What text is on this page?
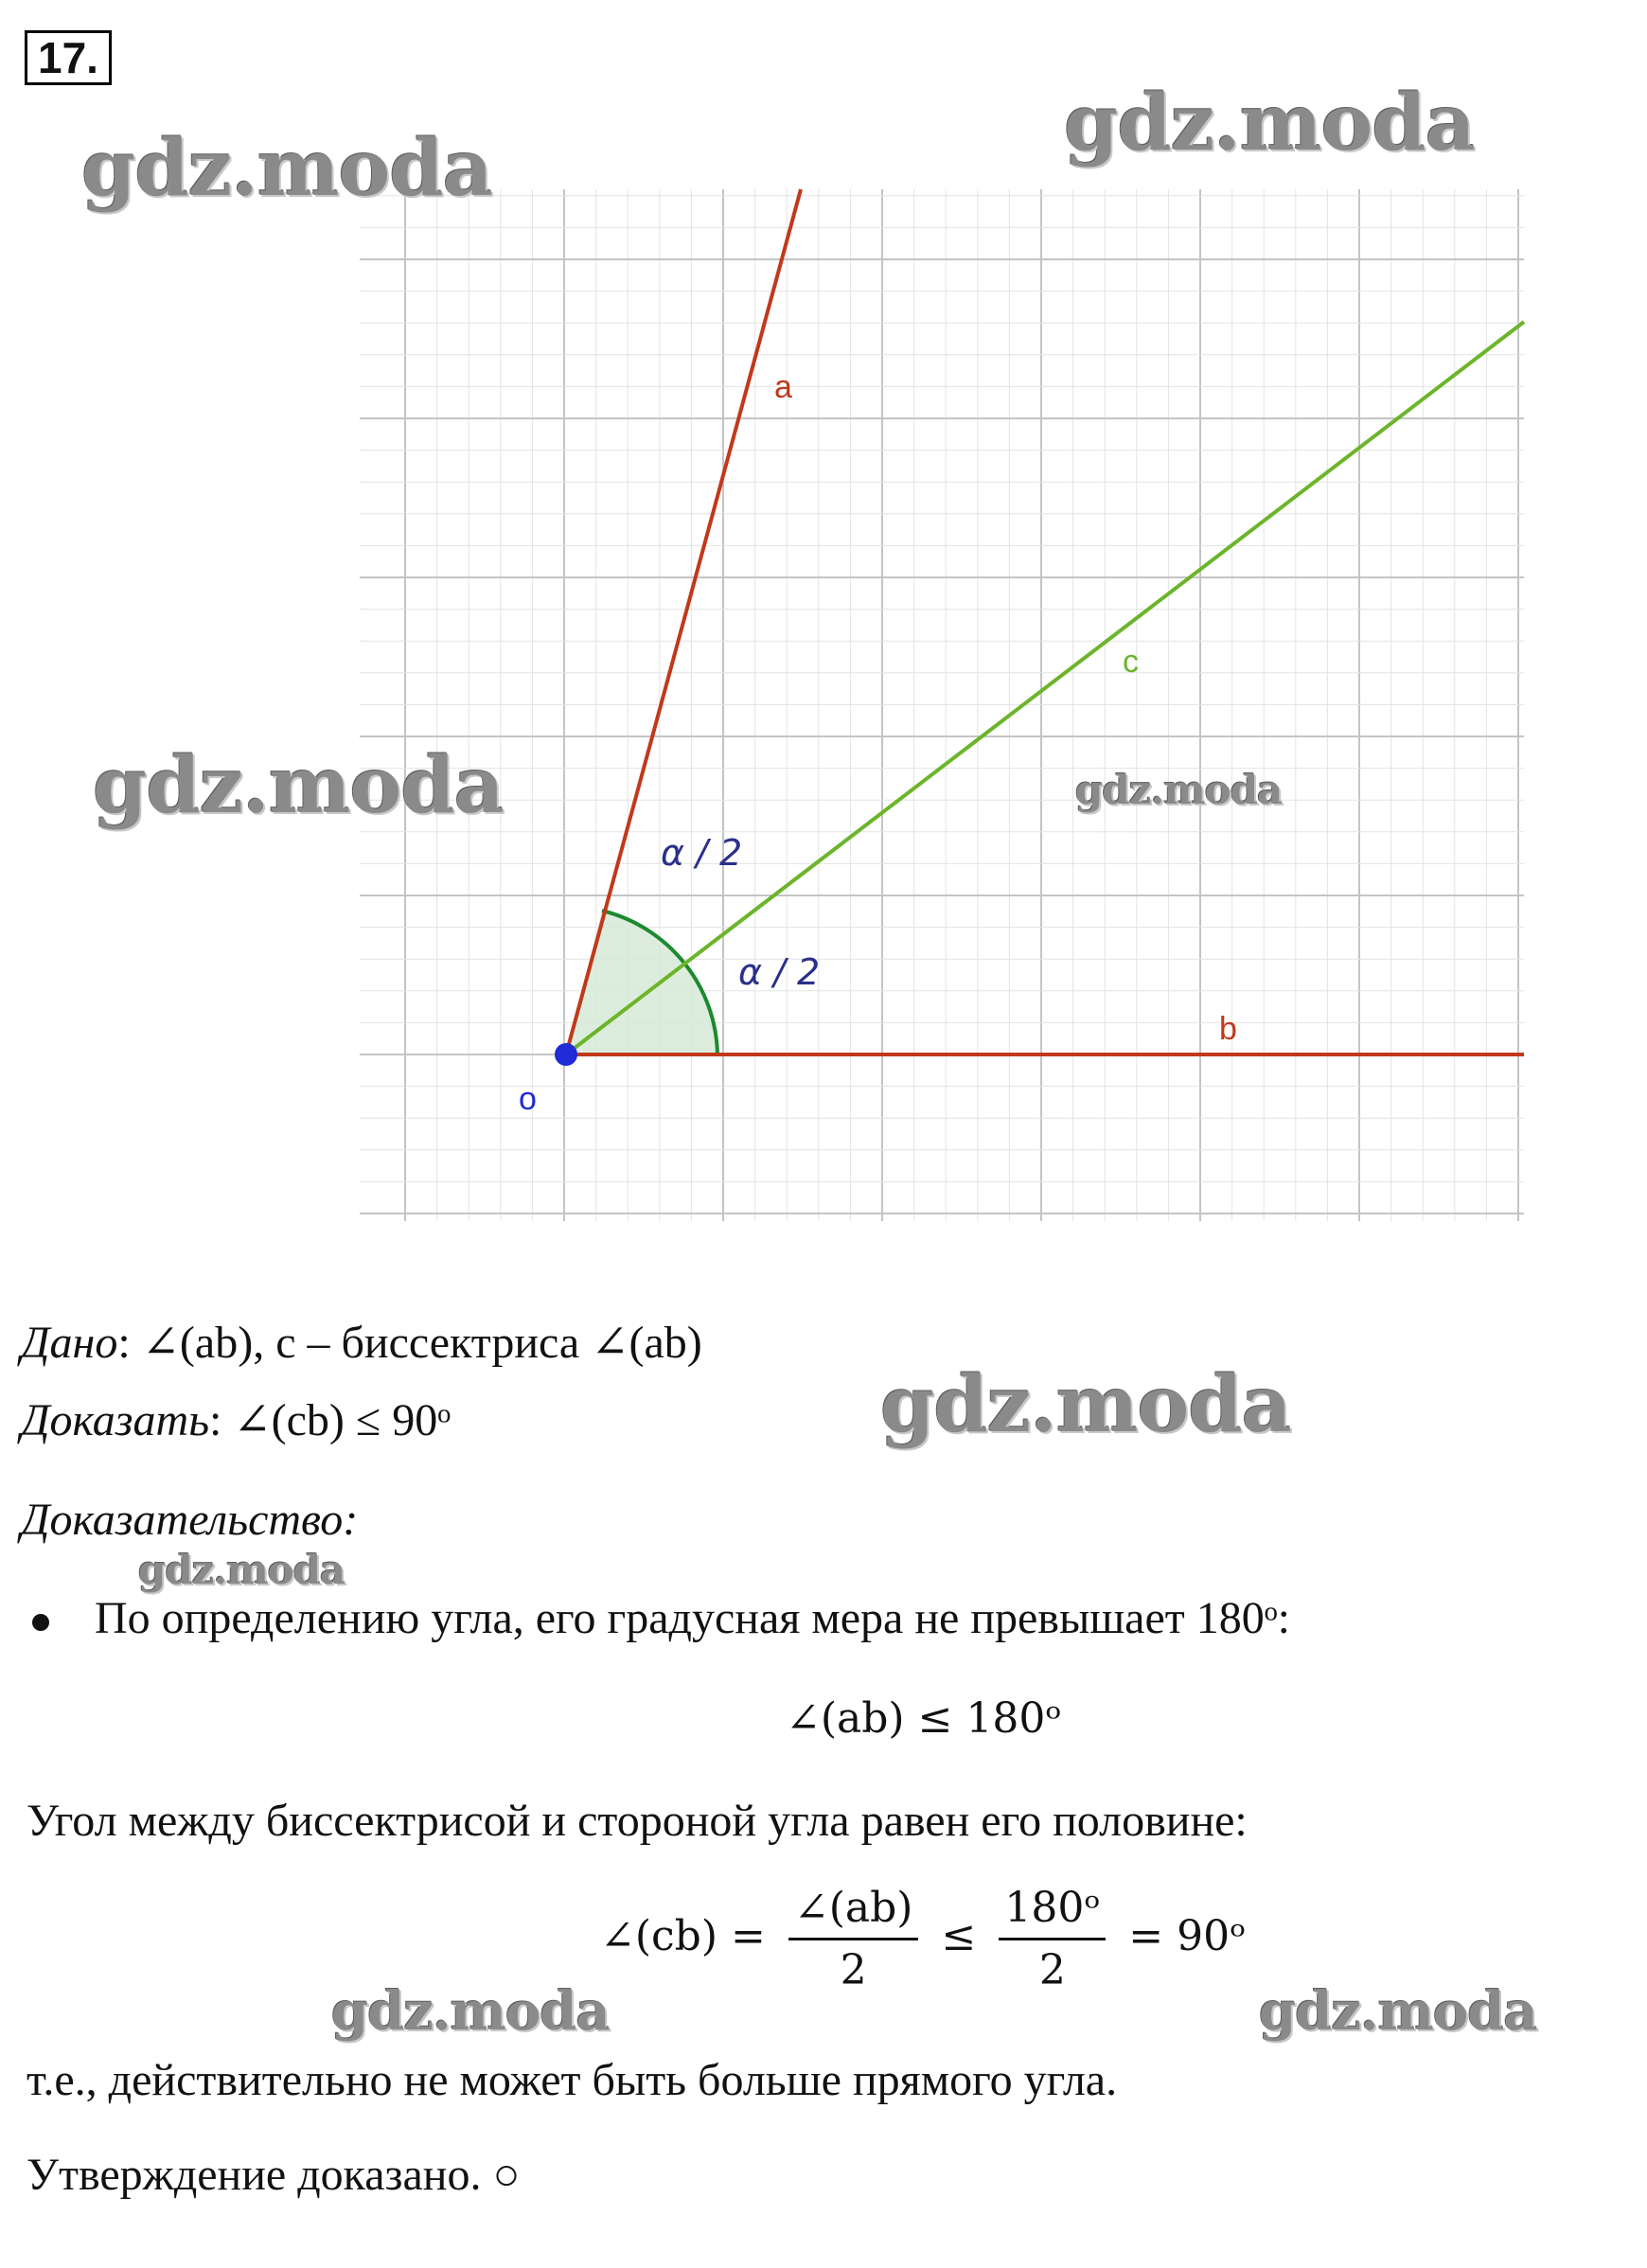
17.
a
b
c
o
α / 2
α / 2
gdz.moda	gdz.moda
gdz.moda	gdz.moda
gdz.moda
gdz.moda
gdz.moda	gdz.moda
Дано: ∠(ab), c – биссектриса ∠(ab)
Доказать: ∠(cb) ≤ 90ᵒ
Доказательство:
По определению угла, его градусная мера не превышает 180ᵒ:
∠(ab) ≤ 180ᵒ
Угол между биссектрисой и стороной угла равен его половине:
∠(cb) = $\frac{\angle(ab)}{2} \le \frac{\text{180ᵒ}}{2}$ = 90ᵒ
т.е., действительно не может быть больше прямого угла.
Утверждение доказано. ○
